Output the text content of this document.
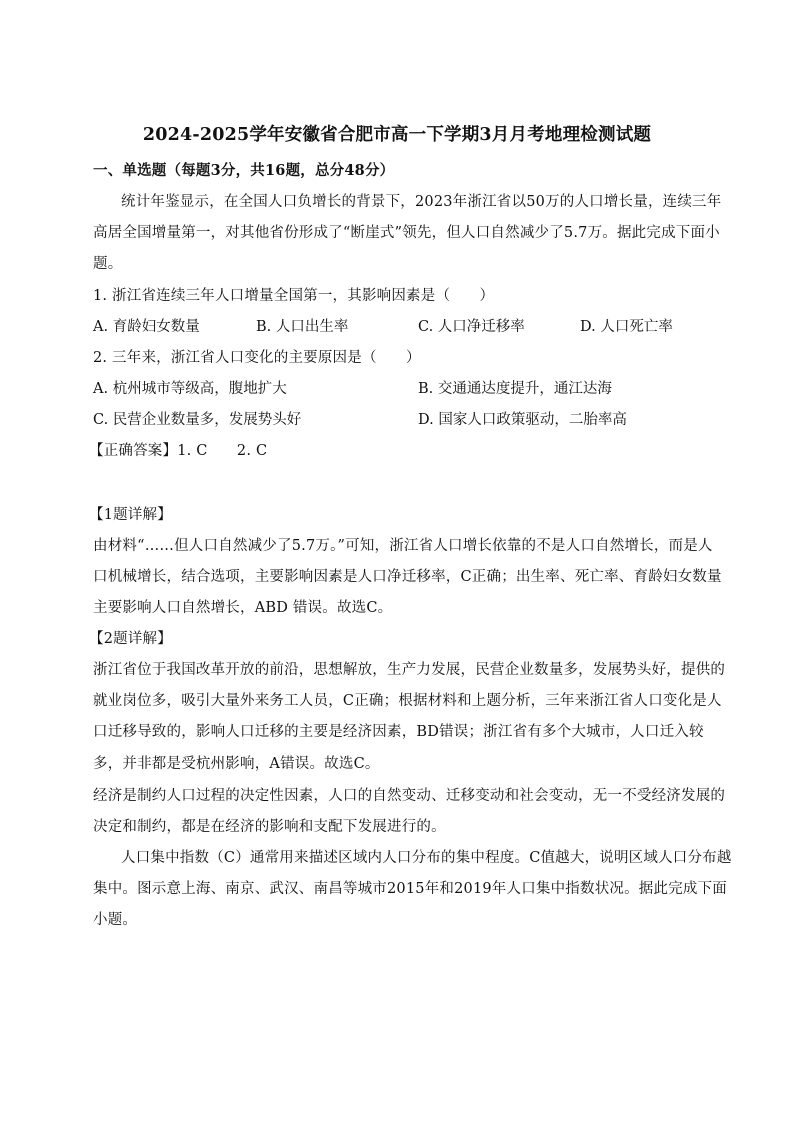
2024-2025学年安徽省合肥市高一下学期3月月考地理检测试题
一、单选题（每题3分，共16题，总分48分）
统计年鉴显示，在全国人口负增长的背景下，2023年浙江省以50万的人口增长量，连续三年
高居全国增量第一，对其他省份形成了“断崖式”领先，但人口自然减少了5.7万。据此完成下面小
题。
1. 浙江省连续三年人口增量全国第一，其影响因素是（　　）
A. 育龄妇女数量	B. 人口出生率	C. 人口净迁移率	D. 人口死亡率
2. 三年来，浙江省人口变化的主要原因是（　　）
A. 杭州城市等级高，腹地扩大	B. 交通通达度提升，通江达海
C. 民营企业数量多，发展势头好	D. 国家人口政策驱动，二胎率高
【正确答案】1. C　　2. C
【1题详解】
由材料“……但人口自然减少了5.7万。”可知，浙江省人口增长依靠的不是人口自然增长，而是人
口机械增长，结合选项，主要影响因素是人口净迁移率，C正确；出生率、死亡率、育龄妇女数量
主要影响人口自然增长，ABD 错误。故选C。
【2题详解】
浙江省位于我国改革开放的前沿，思想解放，生产力发展，民营企业数量多，发展势头好，提供的
就业岗位多，吸引大量外来务工人员，C正确；根据材料和上题分析，三年来浙江省人口变化是人
口迁移导致的，影响人口迁移的主要是经济因素，BD错误；浙江省有多个大城市，人口迁入较
多，并非都是受杭州影响，A错误。故选C。
经济是制约人口过程的决定性因素，人口的自然变动、迁移变动和社会变动，无一不受经济发展的
决定和制约，都是在经济的影响和支配下发展进行的。
人口集中指数（C）通常用来描述区域内人口分布的集中程度。C值越大，说明区域人口分布越
集中。图示意上海、南京、武汉、南昌等城市2015年和2019年人口集中指数状况。据此完成下面
小题。
